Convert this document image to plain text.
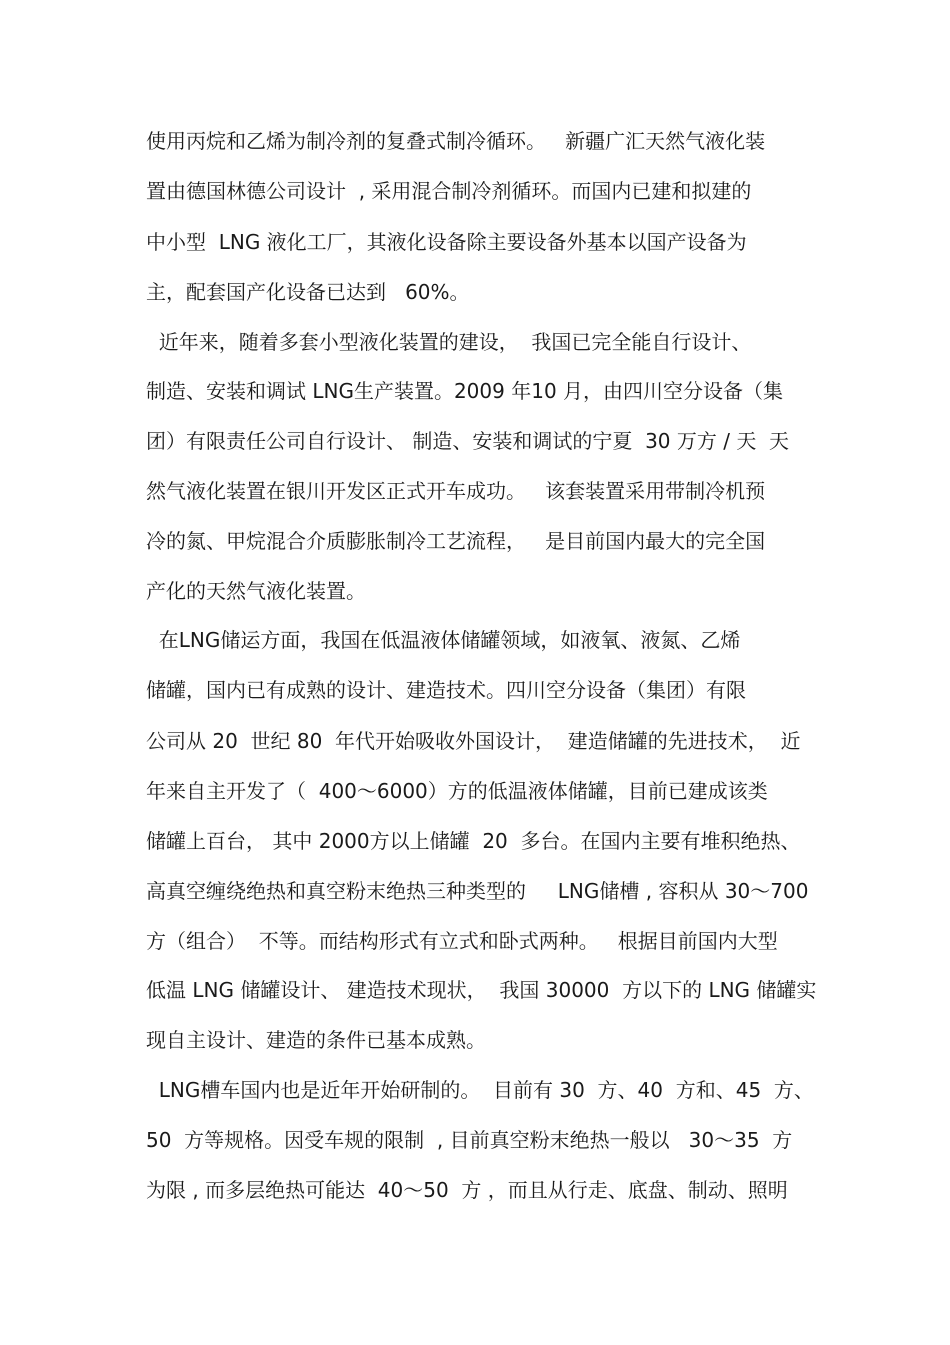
使用丙烷和乙烯为制冷剂的复叠式制冷循环。   新疆广汇天然气液化装
置由德国林德公司设计  , 采用混合制冷剂循环。而国内已建和拟建的
中小型  LNG 液化工厂，其液化设备除主要设备外基本以国产设备为
主，配套国产化设备已达到   60%。
近年来，随着多套小型液化装置的建设，  我国已完全能自行设计、
制造、安装和调试 LNG生产装置。2009 年10 月，由四川空分设备（集
团）有限责任公司自行设计、 制造、安装和调试的宁夏  30 万方 / 天  天
然气液化装置在银川开发区正式开车成功。   该套装置采用带制冷机预
冷的氮、甲烷混合介质膨胀制冷工艺流程，   是目前国内最大的完全国
产化的天然气液化装置。
在LNG储运方面，我国在低温液体储罐领域，如液氧、液氮、乙烯
储罐，国内已有成熟的设计、建造技术。四川空分设备（集团）有限
公司从 20  世纪 80  年代开始吸收外国设计，  建造储罐的先进技术，  近
年来自主开发了（  400～6000）方的低温液体储罐，目前已建成该类
储罐上百台， 其中 2000方以上储罐  20  多台。在国内主要有堆积绝热、
高真空缠绕绝热和真空粉末绝热三种类型的     LNG储槽 , 容积从 30～700
方（组合）  不等。而结构形式有立式和卧式两种。   根据目前国内大型
低温 LNG 储罐设计、 建造技术现状，  我国 30000  方以下的 LNG 储罐实
现自主设计、建造的条件已基本成熟。
LNG槽车国内也是近年开始研制的。  目前有 30  方、40  方和、45  方、
50  方等规格。因受车规的限制  , 目前真空粉末绝热一般以   30～35  方
为限 , 而多层绝热可能达  40～50  方 ，而且从行走、底盘、制动、照明
